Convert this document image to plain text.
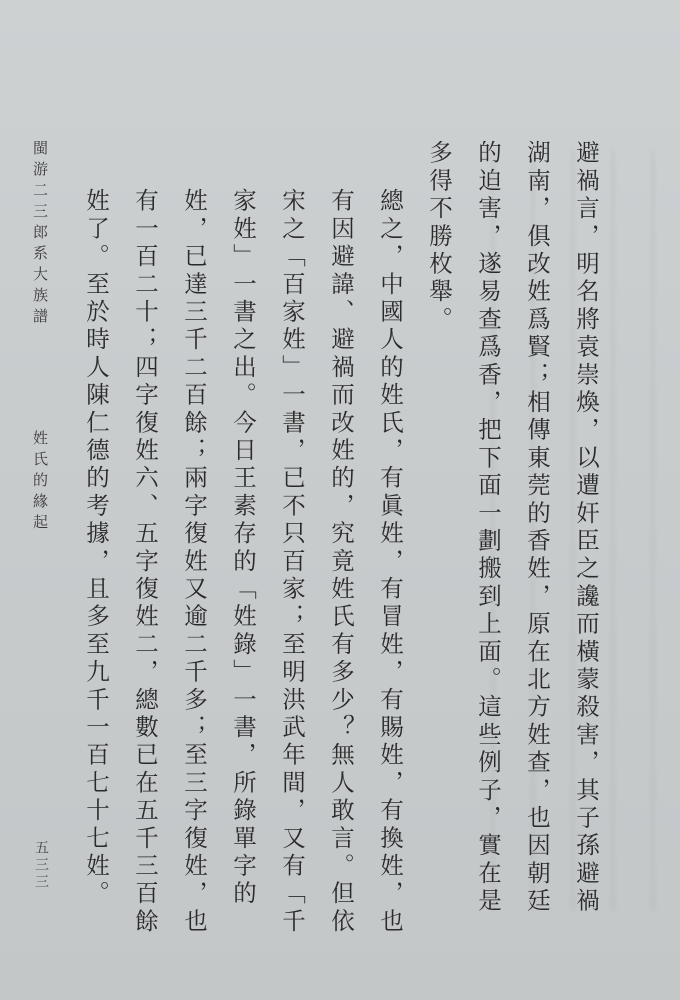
閩游二三郎系大族譜
姓氏的緣起
五三三	避禍言，明名將袁崇煥，以遭奸臣之讒而橫蒙殺害，其子孫避禍湖南，俱改姓爲賢；相傳東莞的香姓，原在北方姓查，也因朝廷的迫害，遂易查爲香，把下面一劃搬到上面。這些例子，實在是多得不勝枚舉。

總之，中國人的姓氏，有眞姓，有冒姓，有賜姓，有換姓，也有因避諱、避禍而改姓的，究竟姓氏有多少？無人敢言。但依宋之「百家姓」一書，已不只百家；至明洪武年間，又有「千家姓」一書之出。今日王素存的「姓錄」一書，所錄單字的姓，已達三千二百餘；兩字復姓又逾二千多；至三字復姓，也有一百二十；四字復姓六、五字復姓二，總數已在五千三百餘姓了。至於時人陳仁德的考據，且多至九千一百七十七姓。
